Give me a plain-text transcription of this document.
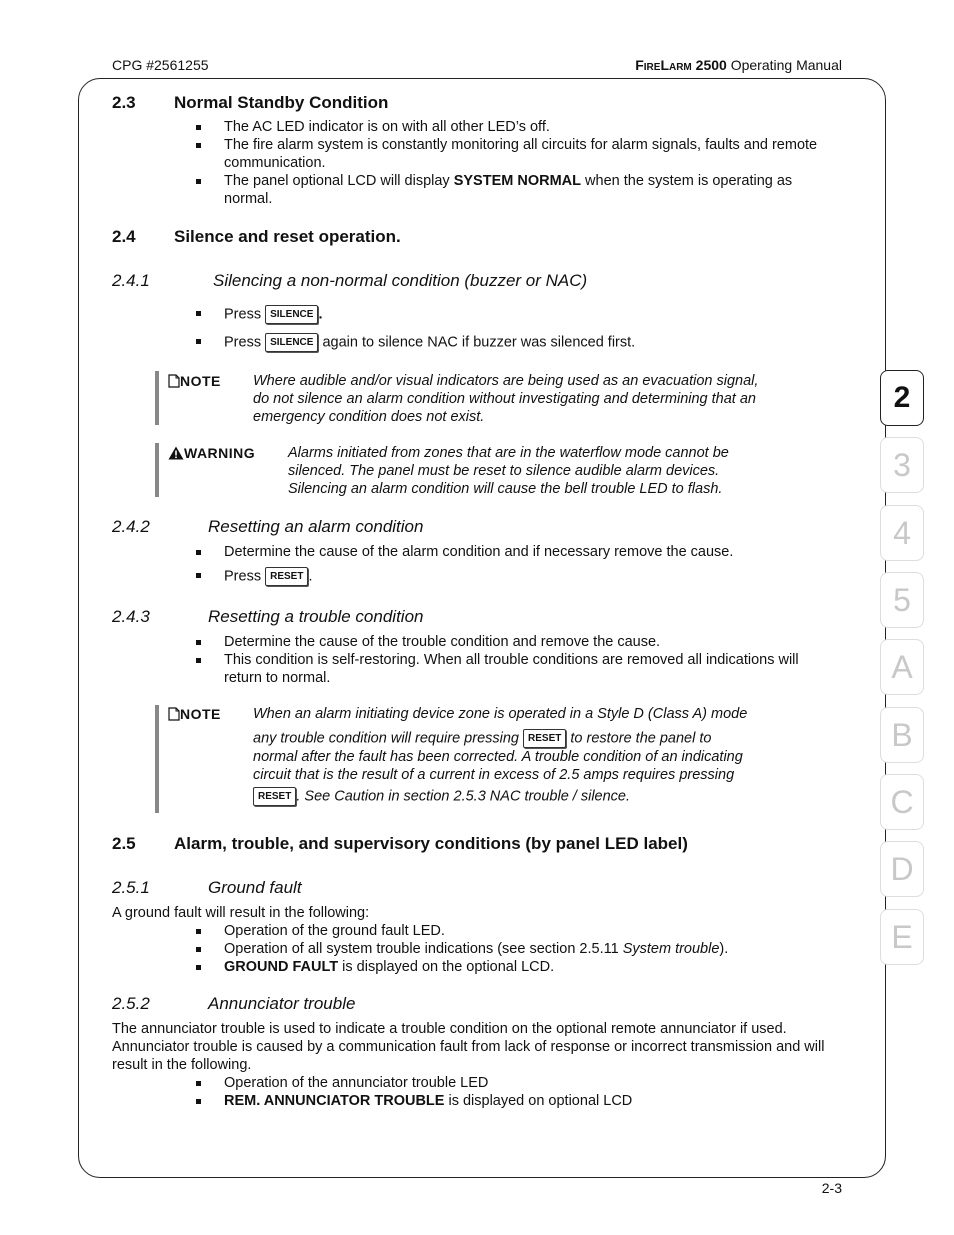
CPG #2561255	FireLarm 2500 Operating Manual
2.3 Normal Standby Condition
The AC LED indicator is on with all other LED’s off.
The fire alarm system is constantly monitoring all circuits for alarm signals, faults and remote communication.
The panel optional LCD will display SYSTEM NORMAL when the system is operating as normal.
2.4 Silence and reset operation.
2.4.1	Silencing a non-normal condition (buzzer or NAC)
Press SILENCE .
Press SILENCE again to silence NAC if buzzer was silenced first.
NOTE Where audible and/or visual indicators are being used as an evacuation signal, do not silence an alarm condition without investigating and determining that an emergency condition does not exist.
WARNING Alarms initiated from zones that are in the waterflow mode cannot be silenced. The panel must be reset to silence audible alarm devices. Silencing an alarm condition will cause the bell trouble LED to flash.
2.4.2	Resetting an alarm condition
Determine the cause of the alarm condition and if necessary remove the cause.
Press RESET .
2.4.3	Resetting a trouble condition
Determine the cause of the trouble condition and remove the cause.
This condition is self-restoring. When all trouble conditions are removed all indications will return to normal.
NOTE When an alarm initiating device zone is operated in a Style D (Class A) mode
any trouble condition will require pressing RESET to restore the panel to
normal after the fault has been corrected. A trouble condition of an indicating
circuit that is the result of a current in excess of 2.5 amps requires pressing
RESET . See Caution in section 2.5.3 NAC trouble / silence.
2.5 Alarm, trouble, and supervisory conditions (by panel LED label)
2.5.1	Ground fault
A ground fault will result in the following:
Operation of the ground fault LED.
Operation of all system trouble indications (see section 2.5.11 System trouble).
GROUND FAULT is displayed on the optional LCD.
2.5.2	Annunciator trouble
The annunciator trouble is used to indicate a trouble condition on the optional remote annunciator if used. Annunciator trouble is caused by a communication fault from lack of response or incorrect transmission and will result in the following.
Operation of the annunciator trouble LED
REM. ANNUNCIATOR TROUBLE is displayed on optional LCD
2
3
4
5
A
B
C
D
E
2-3
